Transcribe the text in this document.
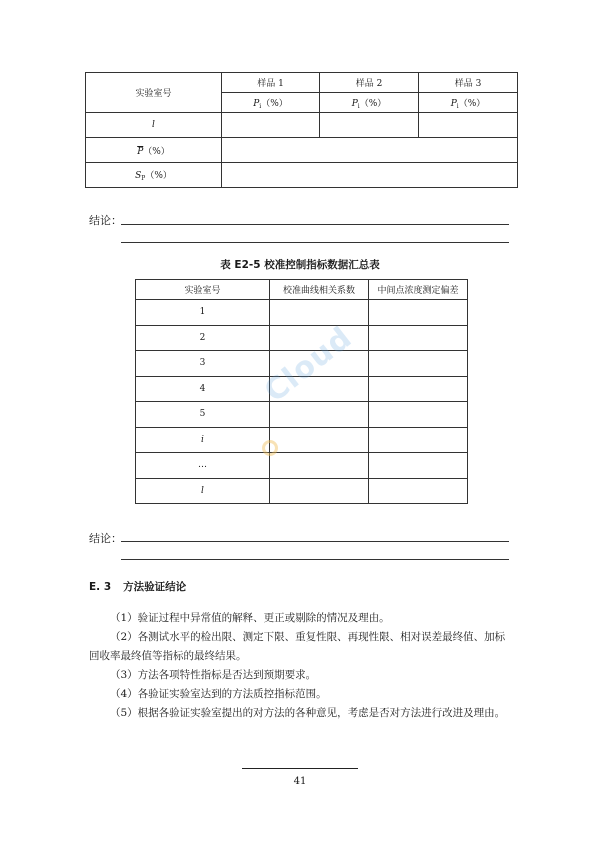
实验室号	样品 1	样品 2	样品 3
	$P_i(\%)$	$P_i(\%)$	$P_i(\%)$
l			
$\overline{P}(\%)$			
$S_P(\%)$			
结论：
表 E2-5 校准控制指标数据汇总表
实验室号	校准曲线相关系数	中间点浓度测定偏差
1		
2		
3		
4		
5		
i		
…		
l		
Cloud
结论：
E. 3 方法验证结论
（1）验证过程中异常值的解释、更正或剔除的情况及理由。
（2）各测试水平的检出限、测定下限、重复性限、再现性限、相对误差最终值、加标
回收率最终值等指标的最终结果。
（3）方法各项特性指标是否达到预期要求。
（4）各验证实验室达到的方法质控指标范围。
（5）根据各验证实验室提出的对方法的各种意见，考虑是否对方法进行改进及理由。
41
